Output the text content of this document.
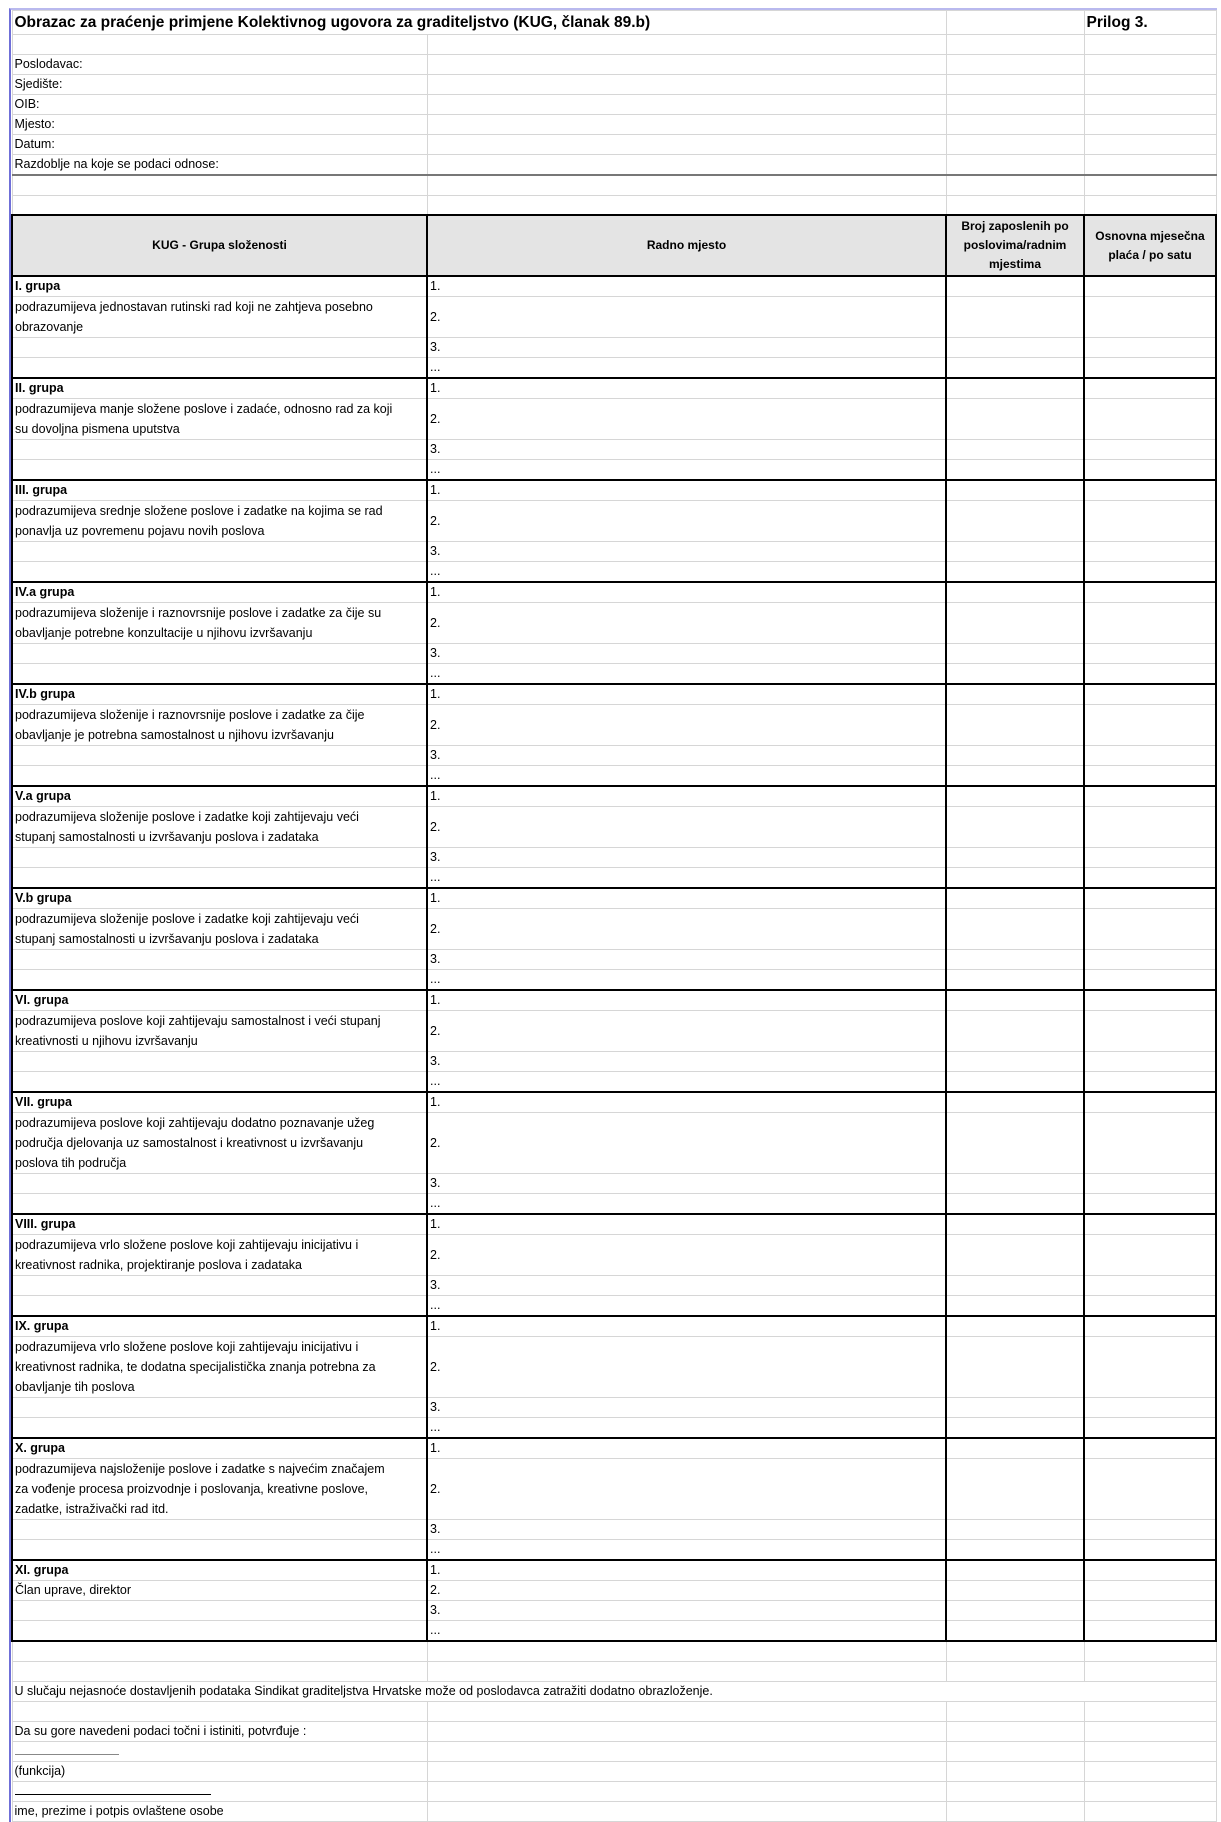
Obrazac za praćenje primjene Kolektivnog ugovora za graditeljstvo (KUG, članak 89.b)			Prilog 3.

Poslodavac:			
Sjedište:			
OIB:			
Mjesto:			
Datum:			
Razdoblje na koje se podaci odnose:			

KUG - Grupa složenosti	Radno mjesto	Broj zaposlenih po poslovima/radnim mjestima	Osnovna mjesečna plaća / po satu
I. grupa	1.		

podrazumijeva jednostavan rutinski rad koji ne zahtjeva posebno
obrazovanje	2.		
	3.		
	...		
II. grupa	1.		

podrazumijeva manje složene poslove i zadaće, odnosno rad za koji
su dovoljna pismena uputstva	2.		
	3.		
	...		
III. grupa	1.		

podrazumijeva srednje složene poslove i zadatke na kojima se rad
ponavlja uz povremenu pojavu novih poslova	2.		
	3.		
	...		
IV.a grupa	1.		

podrazumijeva složenije i raznovrsnije poslove i zadatke za čije su
obavljanje potrebne konzultacije u njihovu izvršavanju	2.		
	3.		
	...		
IV.b grupa	1.		

podrazumijeva složenije i raznovrsnije poslove i zadatke za čije
obavljanje je potrebna samostalnost u njihovu izvršavanju	2.		
	3.		
	...		
V.a grupa	1.		

podrazumijeva složenije poslove i zadatke koji zahtijevaju veći
stupanj samostalnosti u izvršavanju poslova i zadataka	2.		
	3.		
	...		
V.b grupa	1.		

podrazumijeva složenije poslove i zadatke koji zahtijevaju veći
stupanj samostalnosti u izvršavanju poslova i zadataka	2.		
	3.		
	...		
VI. grupa	1.		

podrazumijeva poslove koji zahtijevaju samostalnost i veći stupanj
kreativnosti u njihovu izvršavanju	2.		
	3.		
	...		
VII. grupa	1.		

podrazumijeva poslove koji zahtijevaju dodatno poznavanje užeg
područja djelovanja uz samostalnost i kreativnost u izvršavanju
poslova tih područja	2.		
	3.		
	...		
VIII. grupa	1.		

podrazumijeva vrlo složene poslove koji zahtijevaju inicijativu i
kreativnost radnika, projektiranje poslova i zadataka	2.		
	3.		
	...		
IX. grupa	1.		

podrazumijeva vrlo složene poslove koji zahtijevaju inicijativu i
kreativnost radnika, te dodatna specijalistička znanja potrebna za
obavljanje tih poslova	2.		
	3.		
	...		
X. grupa	1.		

podrazumijeva najsloženije poslove i zadatke s najvećim značajem
za vođenje procesa proizvodnje i poslovanja, kreativne poslove,
zadatke, istraživački rad itd.	2.		
	3.		
	...		
XI. grupa	1.		
Član uprave, direktor	2.		
	3.		
	...		

U slučaju nejasnoće dostavljenih podataka Sindikat graditeljstva Hrvatske može od poslodavca zatražiti dodatno obrazloženje.			

Da su gore navedeni podaci točni i istiniti, potvrđuje :			

(funkcija)			

ime, prezime i potpis ovlaštene osobe			
